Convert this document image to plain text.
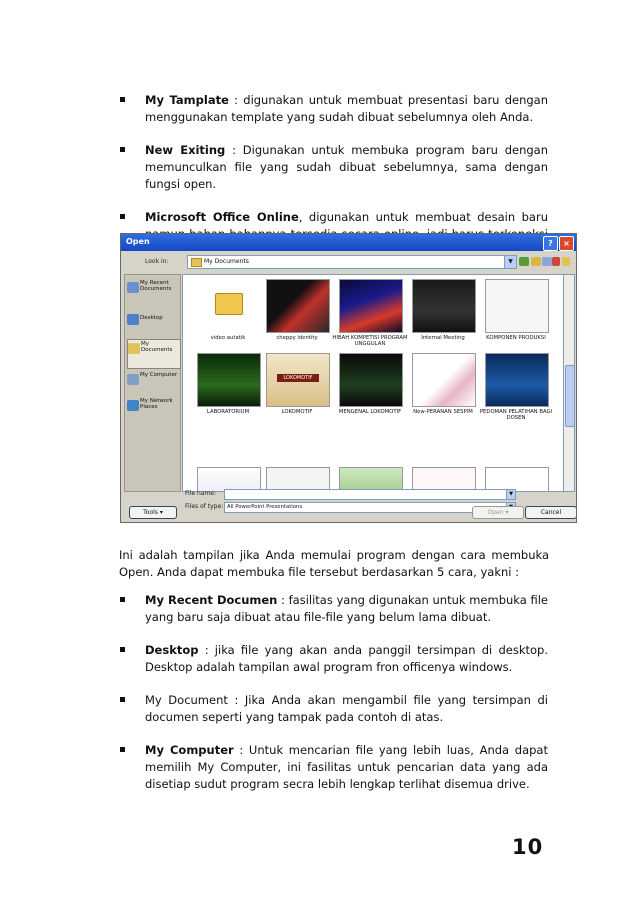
My Tamplate : digunakan untuk membuat presentasi baru dengan menggunakan template yang sudah dibuat sebelumnya oleh Anda.
New Exiting : Digunakan untuk membuka program baru dengan memunculkan file yang sudah dibuat sebelumnya, sama dengan fungsi open.
Microsoft Office Online, digunakan untuk membuat desain baru
Open	?	×
Look in:	My Documents	▼
My Recent Documents
Desktop
My Documents
My Computer
My Network Places
video autatik	cheppy identity	HIBAH KOMPETISI PROGRAM UNGGULAN
Internal Meeting	KOMPONEN PRODUKSI
LABORATORIUM
LOKOMOTIF
LOKOMOTIF	MENGENAL LOKOMOTIF	New-PERANAN SESPIM	PEDOMAN PELATIHAN BAGI DOSEN
File name:	▼
Files of type: All PowerPoint Presentations
Tools ▾	Open ▾	Cancel
Ini adalah tampilan jika Anda memulai program dengan cara membuka Open. Anda dapat membuka file tersebut berdasarkan 5 cara, yakni :
My Recent Documen : fasilitas yang digunakan untuk membuka file yang baru saja dibuat atau file-file yang belum lama dibuat.
Desktop : jika file yang akan anda panggil tersimpan di desktop. Desktop adalah tampilan awal program fron officenya windows.
My Document : Jika Anda akan mengambil file yang tersimpan di documen seperti yang tampak pada contoh di atas.
My Computer : Untuk mencarian file yang lebih luas, Anda dapat memilih My Computer, ini fasilitas untuk pencarian data yang ada disetiap sudut program secra lebih lengkap terlihat disemua drive.
10
